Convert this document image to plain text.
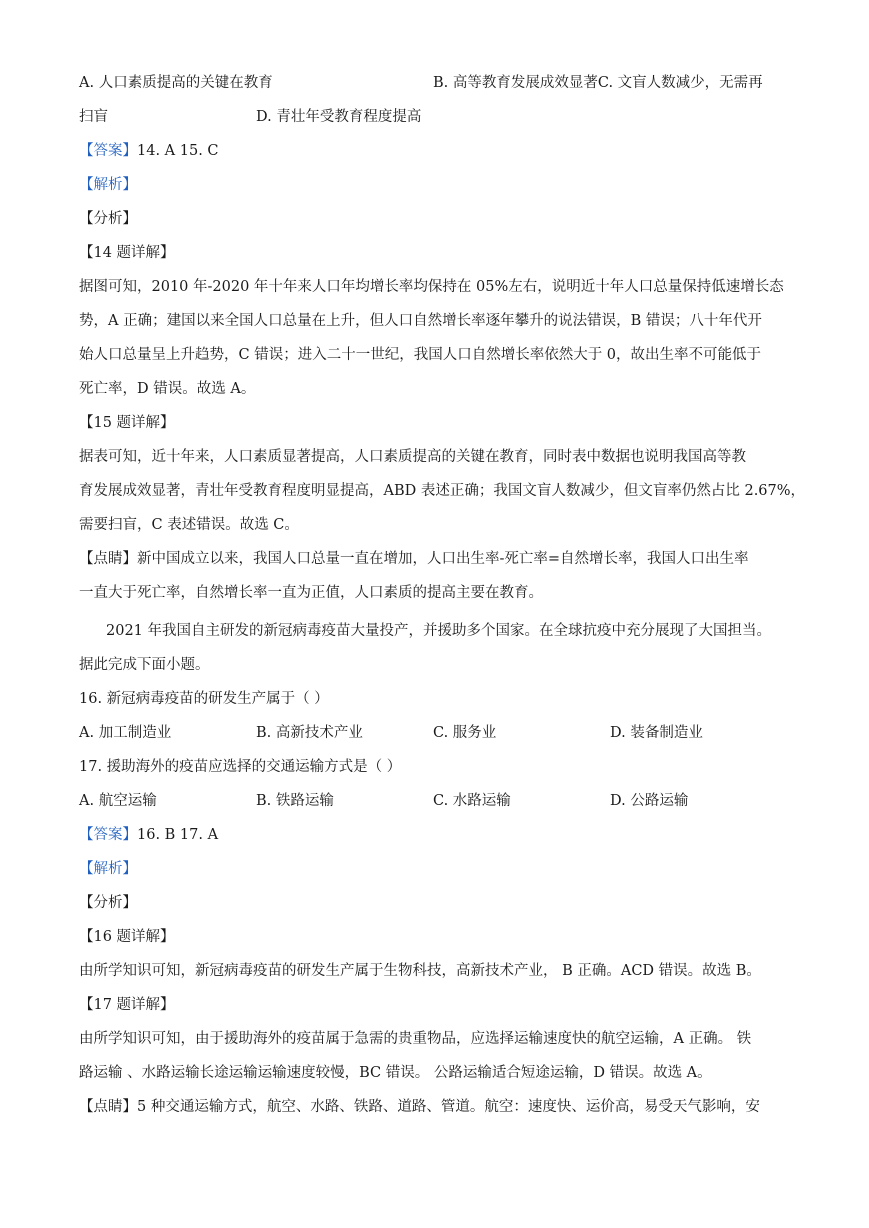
A. 人口素质提高的关键在教育	B. 高等教育发展成效显著C. 文盲人数减少，无需再
扫盲	D. 青壮年受教育程度提高
【答案】14. A 15. C
【解析】
【分析】
【14 题详解】
据图可知，2010 年-2020 年十年来人口年均增长率均保持在 05%左右，说明近十年人口总量保持低速增长态
势，A 正确；建国以来全国人口总量在上升，但人口自然增长率逐年攀升的说法错误，B 错误；八十年代开
始人口总量呈上升趋势，C 错误；进入二十一世纪，我国人口自然增长率依然大于 0，故出生率不可能低于
死亡率，D 错误。故选 A。
【15 题详解】
据表可知，近十年来，人口素质显著提高，人口素质提高的关键在教育，同时表中数据也说明我国高等教
育发展成效显著，青壮年受教育程度明显提高，ABD 表述正确；我国文盲人数减少，但文盲率仍然占比 2.67%，
需要扫盲，C 表述错误。故选 C。
【点睛】新中国成立以来，我国人口总量一直在增加，人口出生率-死亡率=自然增长率，我国人口出生率
一直大于死亡率，自然增长率一直为正值，人口素质的提高主要在教育。
2021 年我国自主研发的新冠病毒疫苗大量投产，并援助多个国家。在全球抗疫中充分展现了大国担当。
据此完成下面小题。
16. 新冠病毒疫苗的研发生产属于（ ）
A. 加工制造业	B. 高新技术产业	C. 服务业	D. 装备制造业
17. 援助海外的疫苗应选择的交通运输方式是（ ）
A. 航空运输	B. 铁路运输	C. 水路运输	D. 公路运输
【答案】16. B 17. A
【解析】
【分析】
【16 题详解】
由所学知识可知，新冠病毒疫苗的研发生产属于生物科技，高新技术产业， B 正确。ACD 错误。故选 B。
【17 题详解】
由所学知识可知，由于援助海外的疫苗属于急需的贵重物品，应选择运输速度快的航空运输，A 正确。 铁
路运输 、水路运输长途运输运输速度较慢，BC 错误。 公路运输适合短途运输，D 错误。故选 A。
【点睛】5 种交通运输方式，航空、水路、铁路、道路、管道。航空：速度快、运价高，易受天气影响，安
